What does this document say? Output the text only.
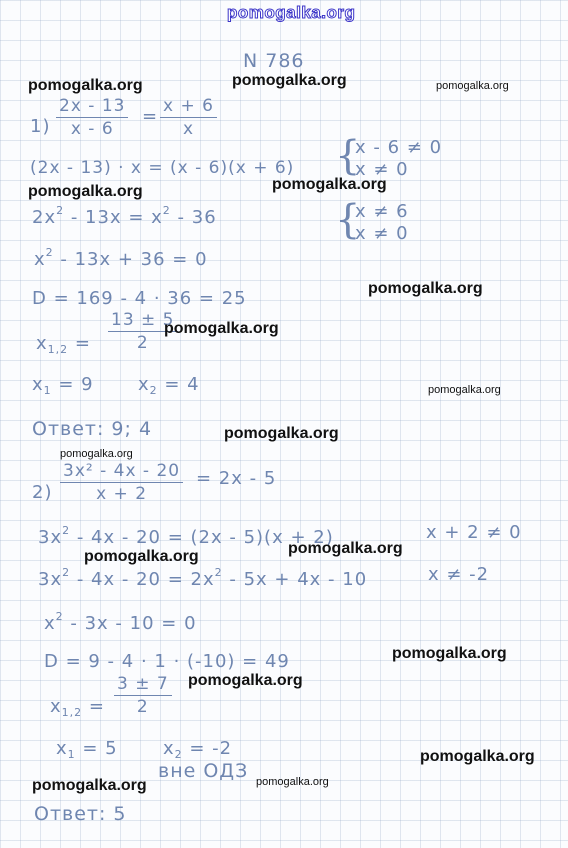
pomogalka.org
N 786
$1) \frac{2x - 13}{x - 6} = \frac{x + 6}{x}$
(2x - 13) · x = (x - 6)(x + 6) {
x - 6 ≠ 0
x ≠ 0
$2x^2 - 13x = x^2 - 36$	{
x ≠ 6
x ≠ 0
$x^2 - 13x + 36 = 0$
D = 169 - 4 · 36 = 25
$x_{1,2} = \frac{13 \pm 5}{2}$
$x_1 = 9$ $x_2 = 4$
Ответ: 9; 4
$2) \frac{\text{3x² - 4x - 20}}{x + 2} = 2x - 5$
$3x^2 - 4x - 20 = (2x - 5)(x + 2)$	x + 2 ≠ 0
$3x^2 - 4x - 20 = 2x^2 - 5x + 4x - 10$	x ≠ -2
$x^2 - 3x - 10 = 0$
D = 9 - 4 · 1 · (-10) = 49
$x_{1,2} = \frac{3 \pm 7}{2}$
$x_1 = 5$	$x_2 = -2$
вне ОДЗ
Ответ: 5
pomogalka.org	pomogalka.org	pomogalka.org
pomogalka.org	pomogalka.org
pomogalka.org
pomogalka.org
pomogalka.org
pomogalka.org
pomogalka.org
pomogalka.org	pomogalka.org
pomogalka.org
pomogalka.org
pomogalka.org
pomogalka.org	pomogalka.org
